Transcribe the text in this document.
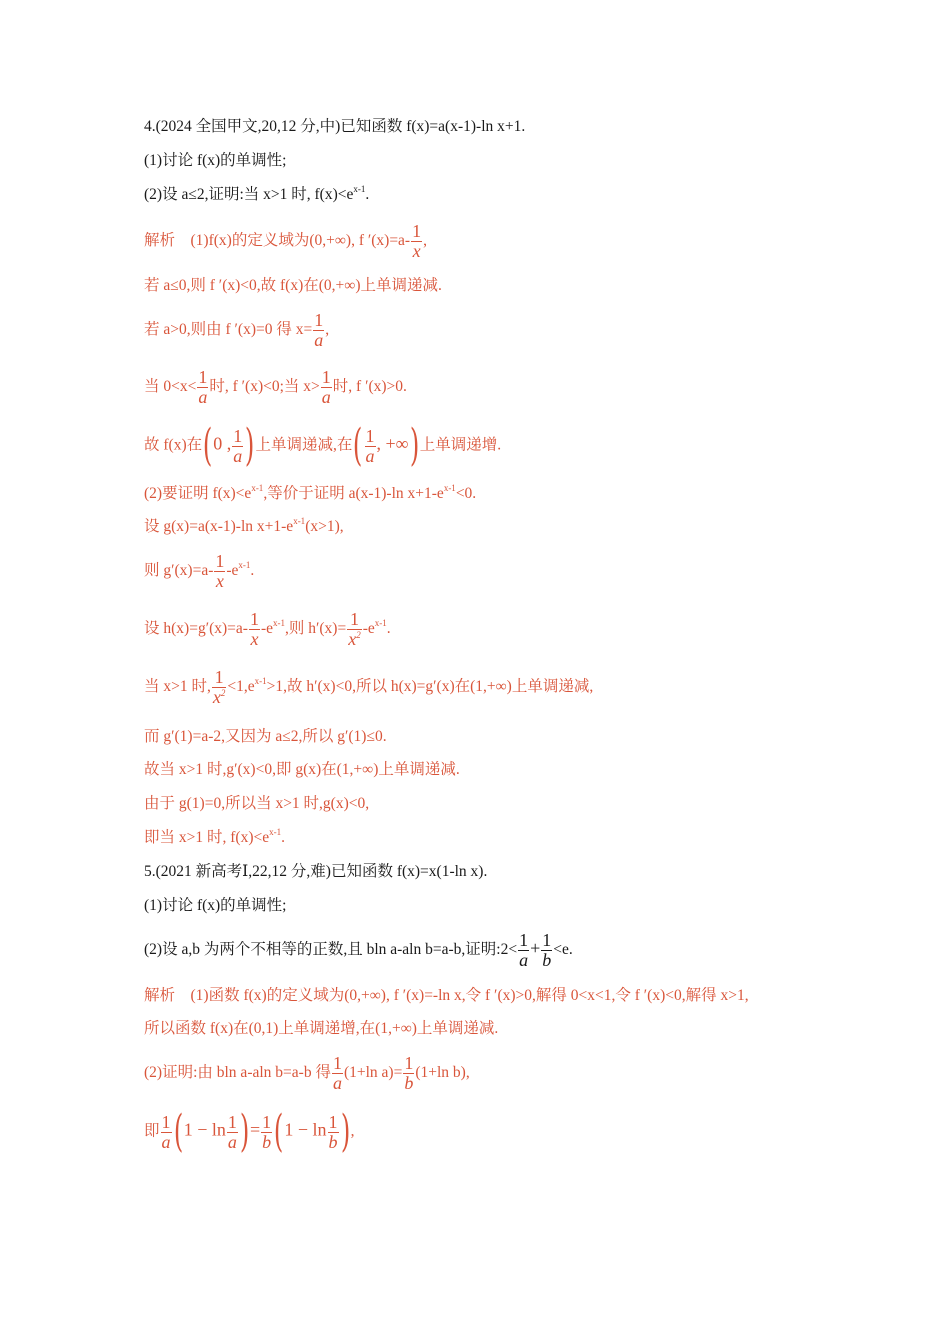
4.(2024 全国甲文,20,12 分,中)已知函数 f(x)=a(x-1)-ln x+1.
(1)讨论 f(x)的单调性;
(2)设 a≤2,证明:当 x>1 时, $f(x)<e^{x-1}$.
解析 (1)f(x)的定义域为(0,+∞), f $'(x)=a- \frac{1}{x}$ ,
若 a≤0,则 f ′(x)<0,故 f(x)在(0,+∞)上单调递减.
若 a>0,则由 f ′(x)=0 得 $x= \frac{1}{a}$ ,
当 $0<x< \frac{1}{a}$ 时, f ′(x)<0;当 $x> \frac{1}{a}$ 时, f ′(x)>0.
故 f(x)在(0 , $\frac{1}{a}$ )上单调递减,在( $\frac{1}{a}$ , +∞)上单调递增.
(2)要证明 $f(x)<e^{x-1}$,等价于证明 a(x-1)-ln $x+1-e^{x-1}<0$.
设 g(x)=a(x-1)-ln $x+1-e^{x-1}(x>1)$,
则 $g'(x)=a- \frac{1}{x} -e^{x-1}$.
设 $h(x)=g'(x)=a- \frac{1}{x} -e^{x-1}$,则 $h'(x)= \frac{1}{x^2} -e^{x-1}$.
当 x>1 时, $\frac{1}{x^2} <1,e^{x-1}>1$,故 h′(x)<0,所以 h(x)=g′(x)在(1,+∞)上单调递减,
而 g′(1)=a-2,又因为 a≤2,所以 g′(1)≤0.
故当 x>1 时,g′(x)<0,即 g(x)在(1,+∞)上单调递减.
由于 g(1)=0,所以当 x>1 时,g(x)<0,
即当 x>1 时, $f(x)<e^{x-1}$.
5.(2021 新高考Ⅰ,22,12 分,难)已知函数 f(x)=x(1-ln x).
(1)讨论 f(x)的单调性;
(2)设 a,b 为两个不相等的正数,且 bln a-aln b=a-b,证明:2< $\frac{1}{a} + \frac{1}{b} <e$.
解析 (1)函数 f(x)的定义域为(0,+∞), f ′(x)=-ln x,令 f ′(x)>0,解得 0<x<1,令 f ′(x)<0,解得 x>1,
所以函数 f(x)在(0,1)上单调递增,在(1,+∞)上单调递减.
(2)证明:由 bln a-aln b=a-b 得 $\frac{1}{a} (1+\ln$ $a)= \frac{1}{b} (1+\ln$ b),
即 $\frac{1}{a} (1 - \ln \frac{1}{a}$ )= $\frac{1}{b} (1 - \ln \frac{1}{b}$ ),
